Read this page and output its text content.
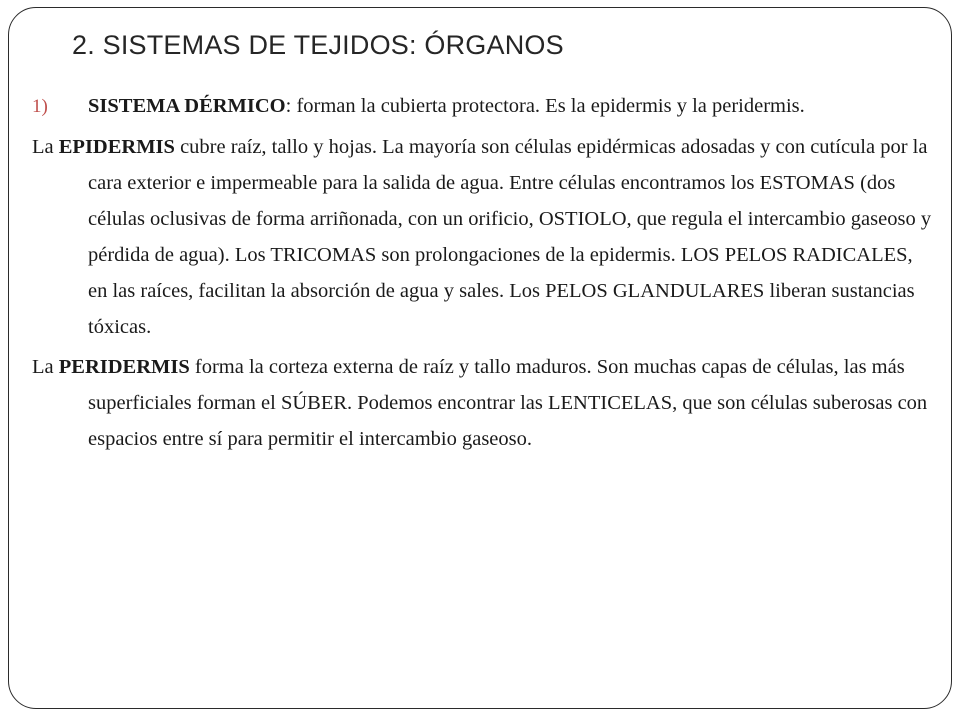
2. SISTEMAS DE TEJIDOS: ÓRGANOS

1) SISTEMA DÉRMICO: forman la cubierta protectora. Es la epidermis y la peridermis.

La EPIDERMIS cubre raíz, tallo y hojas. La mayoría son células epidérmicas adosadas y con cutícula por la cara exterior e impermeable para la salida de agua. Entre células encontramos los ESTOMAS (dos células oclusivas de forma arriñonada, con un orificio, OSTIOLO, que regula el intercambio gaseoso y pérdida de agua). Los TRICOMAS son prolongaciones de la epidermis. LOS PELOS RADICALES, en las raíces, facilitan la absorción de agua y sales. Los PELOS GLANDULARES liberan sustancias tóxicas.

La PERIDERMIS forma la corteza externa de raíz y tallo maduros. Son muchas capas de células, las más superficiales forman el SÚBER. Podemos encontrar las LENTICELAS, que son células suberosas con espacios entre sí para permitir el intercambio gaseoso.
